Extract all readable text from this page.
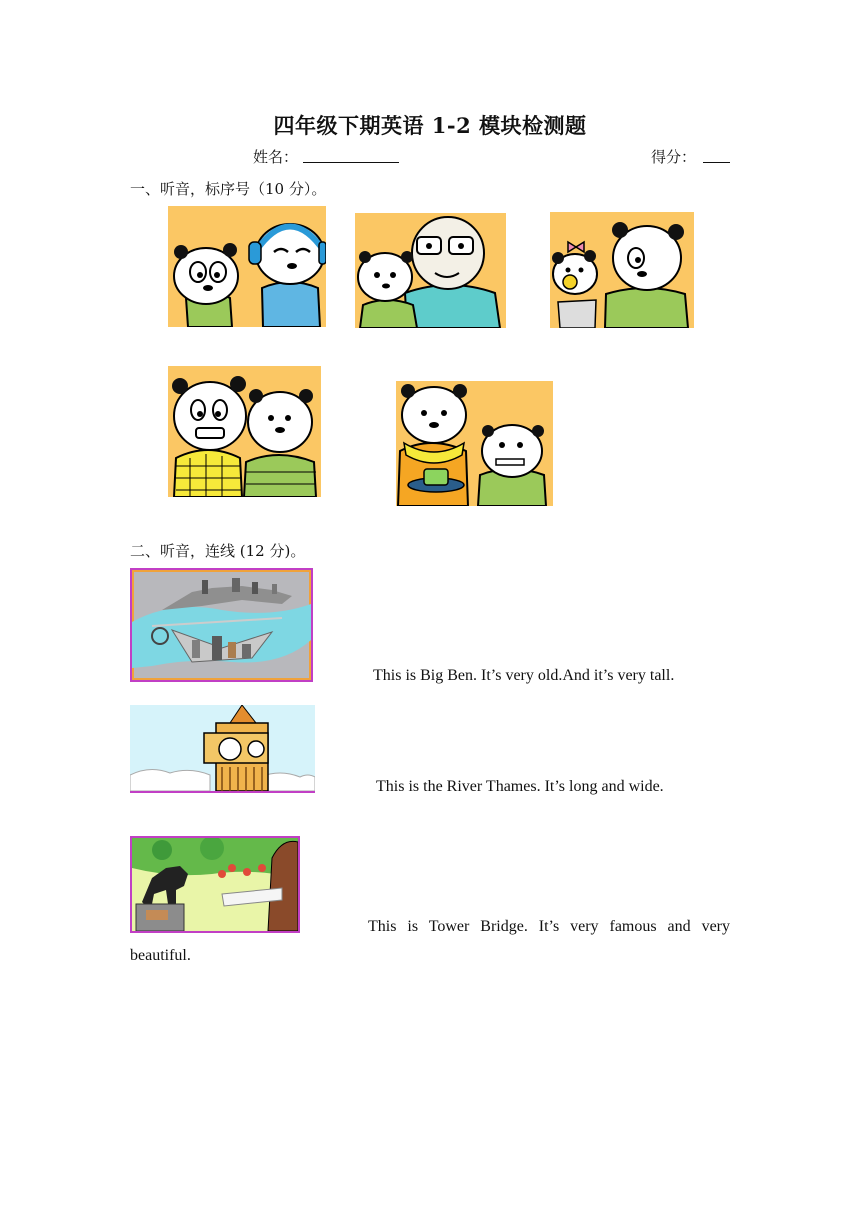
四年级下期英语 1-2 模块检测题
姓名：	得分：
一、听音，标序号（10 分）。
二、听音，连线 (12 分)。
This is Big Ben. It’s very old.And it’s very tall.
This is the River Thames. It’s long and wide.
This is Tower Bridge. It’s very famous and very
beautiful.
